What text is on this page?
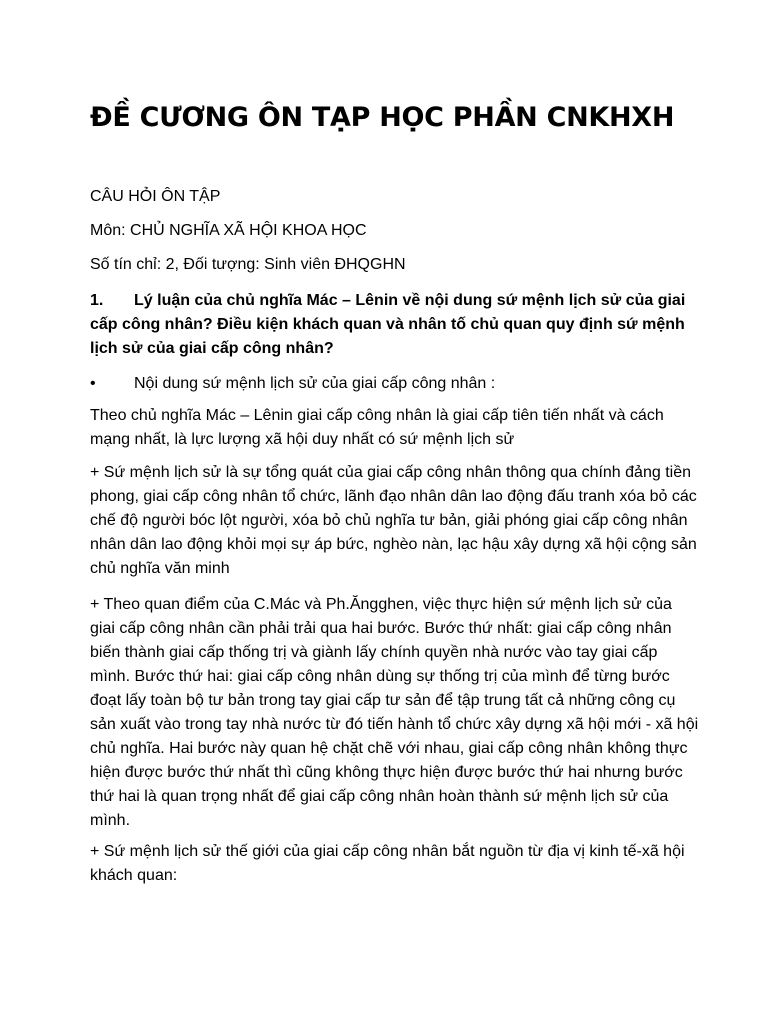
ĐỀ CƯƠNG ÔN TẠP HỌC PHẦN CNKHXH

CÂU HỎI ÔN TẬP

Môn: CHỦ NGHĨA XÃ HỘI KHOA HỌC

Số tín chỉ: 2, Đối tượng: Sinh viên ĐHQGHN

1. Lý luận của chủ nghĩa Mác – Lênin về nội dung sứ mệnh lịch sử của giai cấp công nhân? Điều kiện khách quan và nhân tố chủ quan quy định sứ mệnh lịch sử của giai cấp công nhân?

• Nội dung sứ mệnh lịch sử của giai cấp công nhân :

Theo chủ nghĩa Mác – Lênin giai cấp công nhân là giai cấp tiên tiến nhất và cách mạng nhất, là lực lượng xã hội duy nhất có sứ mệnh lịch sử

+ Sứ mệnh lịch sử là sự tổng quát của giai cấp công nhân thông qua chính đảng tiền phong, giai cấp công nhân tổ chức, lãnh đạo nhân dân lao động đấu tranh xóa bỏ các chế độ người bóc lột người, xóa bỏ chủ nghĩa tư bản, giải phóng giai cấp công nhân nhân dân lao động khỏi mọi sự áp bức, nghèo nàn, lạc hậu xây dựng xã hội cộng sản chủ nghĩa văn minh

+ Theo quan điểm của C.Mác và Ph.Ăngghen, việc thực hiện sứ mệnh lịch sử của giai cấp công nhân cần phải trải qua hai bước. Bước thứ nhất: giai cấp công nhân biến thành giai cấp thống trị và giành lấy chính quyền nhà nước vào tay giai cấp mình. Bước thứ hai: giai cấp công nhân dùng sự thống trị của mình để từng bước đoạt lấy toàn bộ tư bản trong tay giai cấp tư sản để tập trung tất cả những công cụ sản xuất vào trong tay nhà nước từ đó tiến hành tổ chức xây dựng xã hội mới - xã hội chủ nghĩa. Hai bước này quan hệ chặt chẽ với nhau, giai cấp công nhân không thực hiện được bước thứ nhất thì cũng không thực hiện được bước thứ hai nhưng bước thứ hai là quan trọng nhất để giai cấp công nhân hoàn thành sứ mệnh lịch sử của mình.

+ Sứ mệnh lịch sử thế giới của giai cấp công nhân bắt nguồn từ địa vị kinh tế-xã hội khách quan:
